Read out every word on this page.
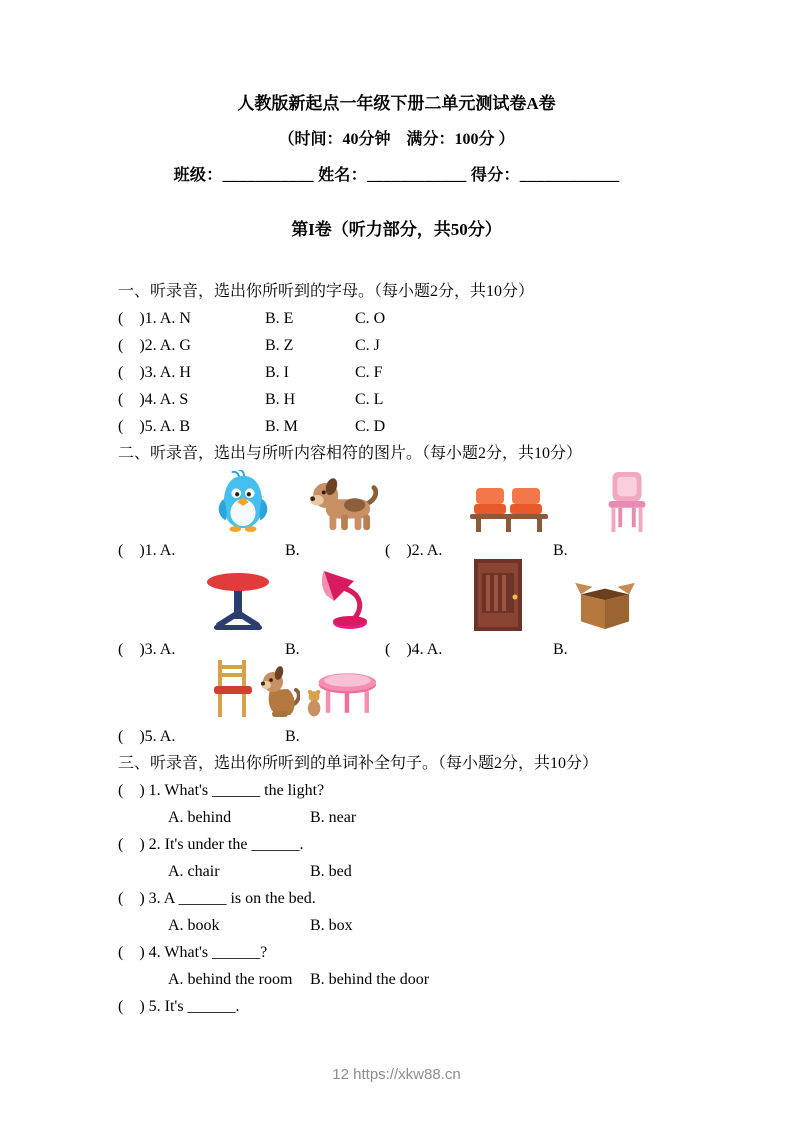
人教版新起点一年级下册二单元测试卷A卷
（时间：40分钟　满分：100分 ）
班级：___________ 姓名：____________ 得分：____________
第I卷（听力部分，共50分）
一、听录音，选出你所听到的字母。（每小题2分，共10分）
(　)1. A. N	B. E	C. O
(　)2. A. G	B. Z	C. J
(　)3. A. H	B. I	C. F
(　)4. A. S	B. H	C. L
(　)5. A. B	B. M	C. D
二、听录音，选出与所听内容相符的图片。（每小题2分，共10分）
(　)1. A.	B.	(　)2. A.	B.
(　)3. A.	B.	(　)4. A.	B.
(　)5. A.	B.
三、听录音，选出你所听到的单词补全句子。（每小题2分，共10分）
(　) 1. What's ______ the light?
A. behind	B. near
(　) 2. It's under the ______.
A. chair	B. bed
(　) 3. A ______ is on the bed.
A. book	B. box
(　) 4. What's ______?
A. behind the room	B. behind the door
(　) 5. It's ______.
12 https://xkw88.cn
